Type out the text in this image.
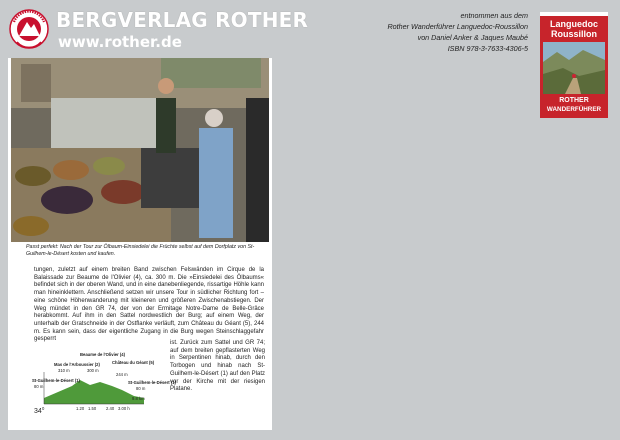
BERGVERLAG ROTHER
www.rother.de
entnommen aus dem
Rother Wanderführer Languedoc-Roussillon
von Daniel Anker & Jaques Maubé
ISBN 978-3-7633-4306-5
Languedoc
Roussillon
ROTHER
WANDERFÜHRER
Passt perfekt: Nach der Tour zur Ölbaum-Einsiedelei die Früchte selbst auf dem Dorfplatz von St-Guilhem-le-Désert kosten und kaufen.
tungen, zuletzt auf einem breiten Band zwischen Felswänden im Cirque de la Balaissade zur Beaume de l'Olivier (4), ca. 300 m. Die »Einsiedelei des Ölbaums« befindet sich in der oberen Wand, und in eine danebenliegende, rissartige Höhle kann man hineinklettern. Anschließend setzen wir unsere Tour in südlicher Richtung fort – eine schöne Höhenwanderung mit kleineren und größeren Zwischenabstiegen. Der Weg mündet in den GR 74, der von der Ermitage Notre-Dame de Belle-Grâce herabkommt. Auf ihm in den Sattel nordwestlich der Burg; auf einem Weg, der unterhalb der Gratschneide in der Ostflanke verläuft, zum Château du Géant (5), 244 m. Es kann sein, dass der eigentliche Zugang in die Burg wegen Steinschlaggefahr gesperrt
St-Guilhem-le-Désert (1)
80 m
Mas de l'Arboussier (2)
310 m
Beaume de l'Olivier (4)
300 m
Château du Géant (5)
244 m
St-Guilhem-le-Désert (1)
80 m
9.8 km
0	1.20 1.50 2.40 3.00 h
ist. Zurück zum Sattel und GR 74; auf dem breiten gepflasterten Weg in Serpentinen hinab, durch den Torbogen und hinab nach St-Guilhem-le-Désert (1) auf den Platz vor der Kirche mit der riesigen Platane.
34
